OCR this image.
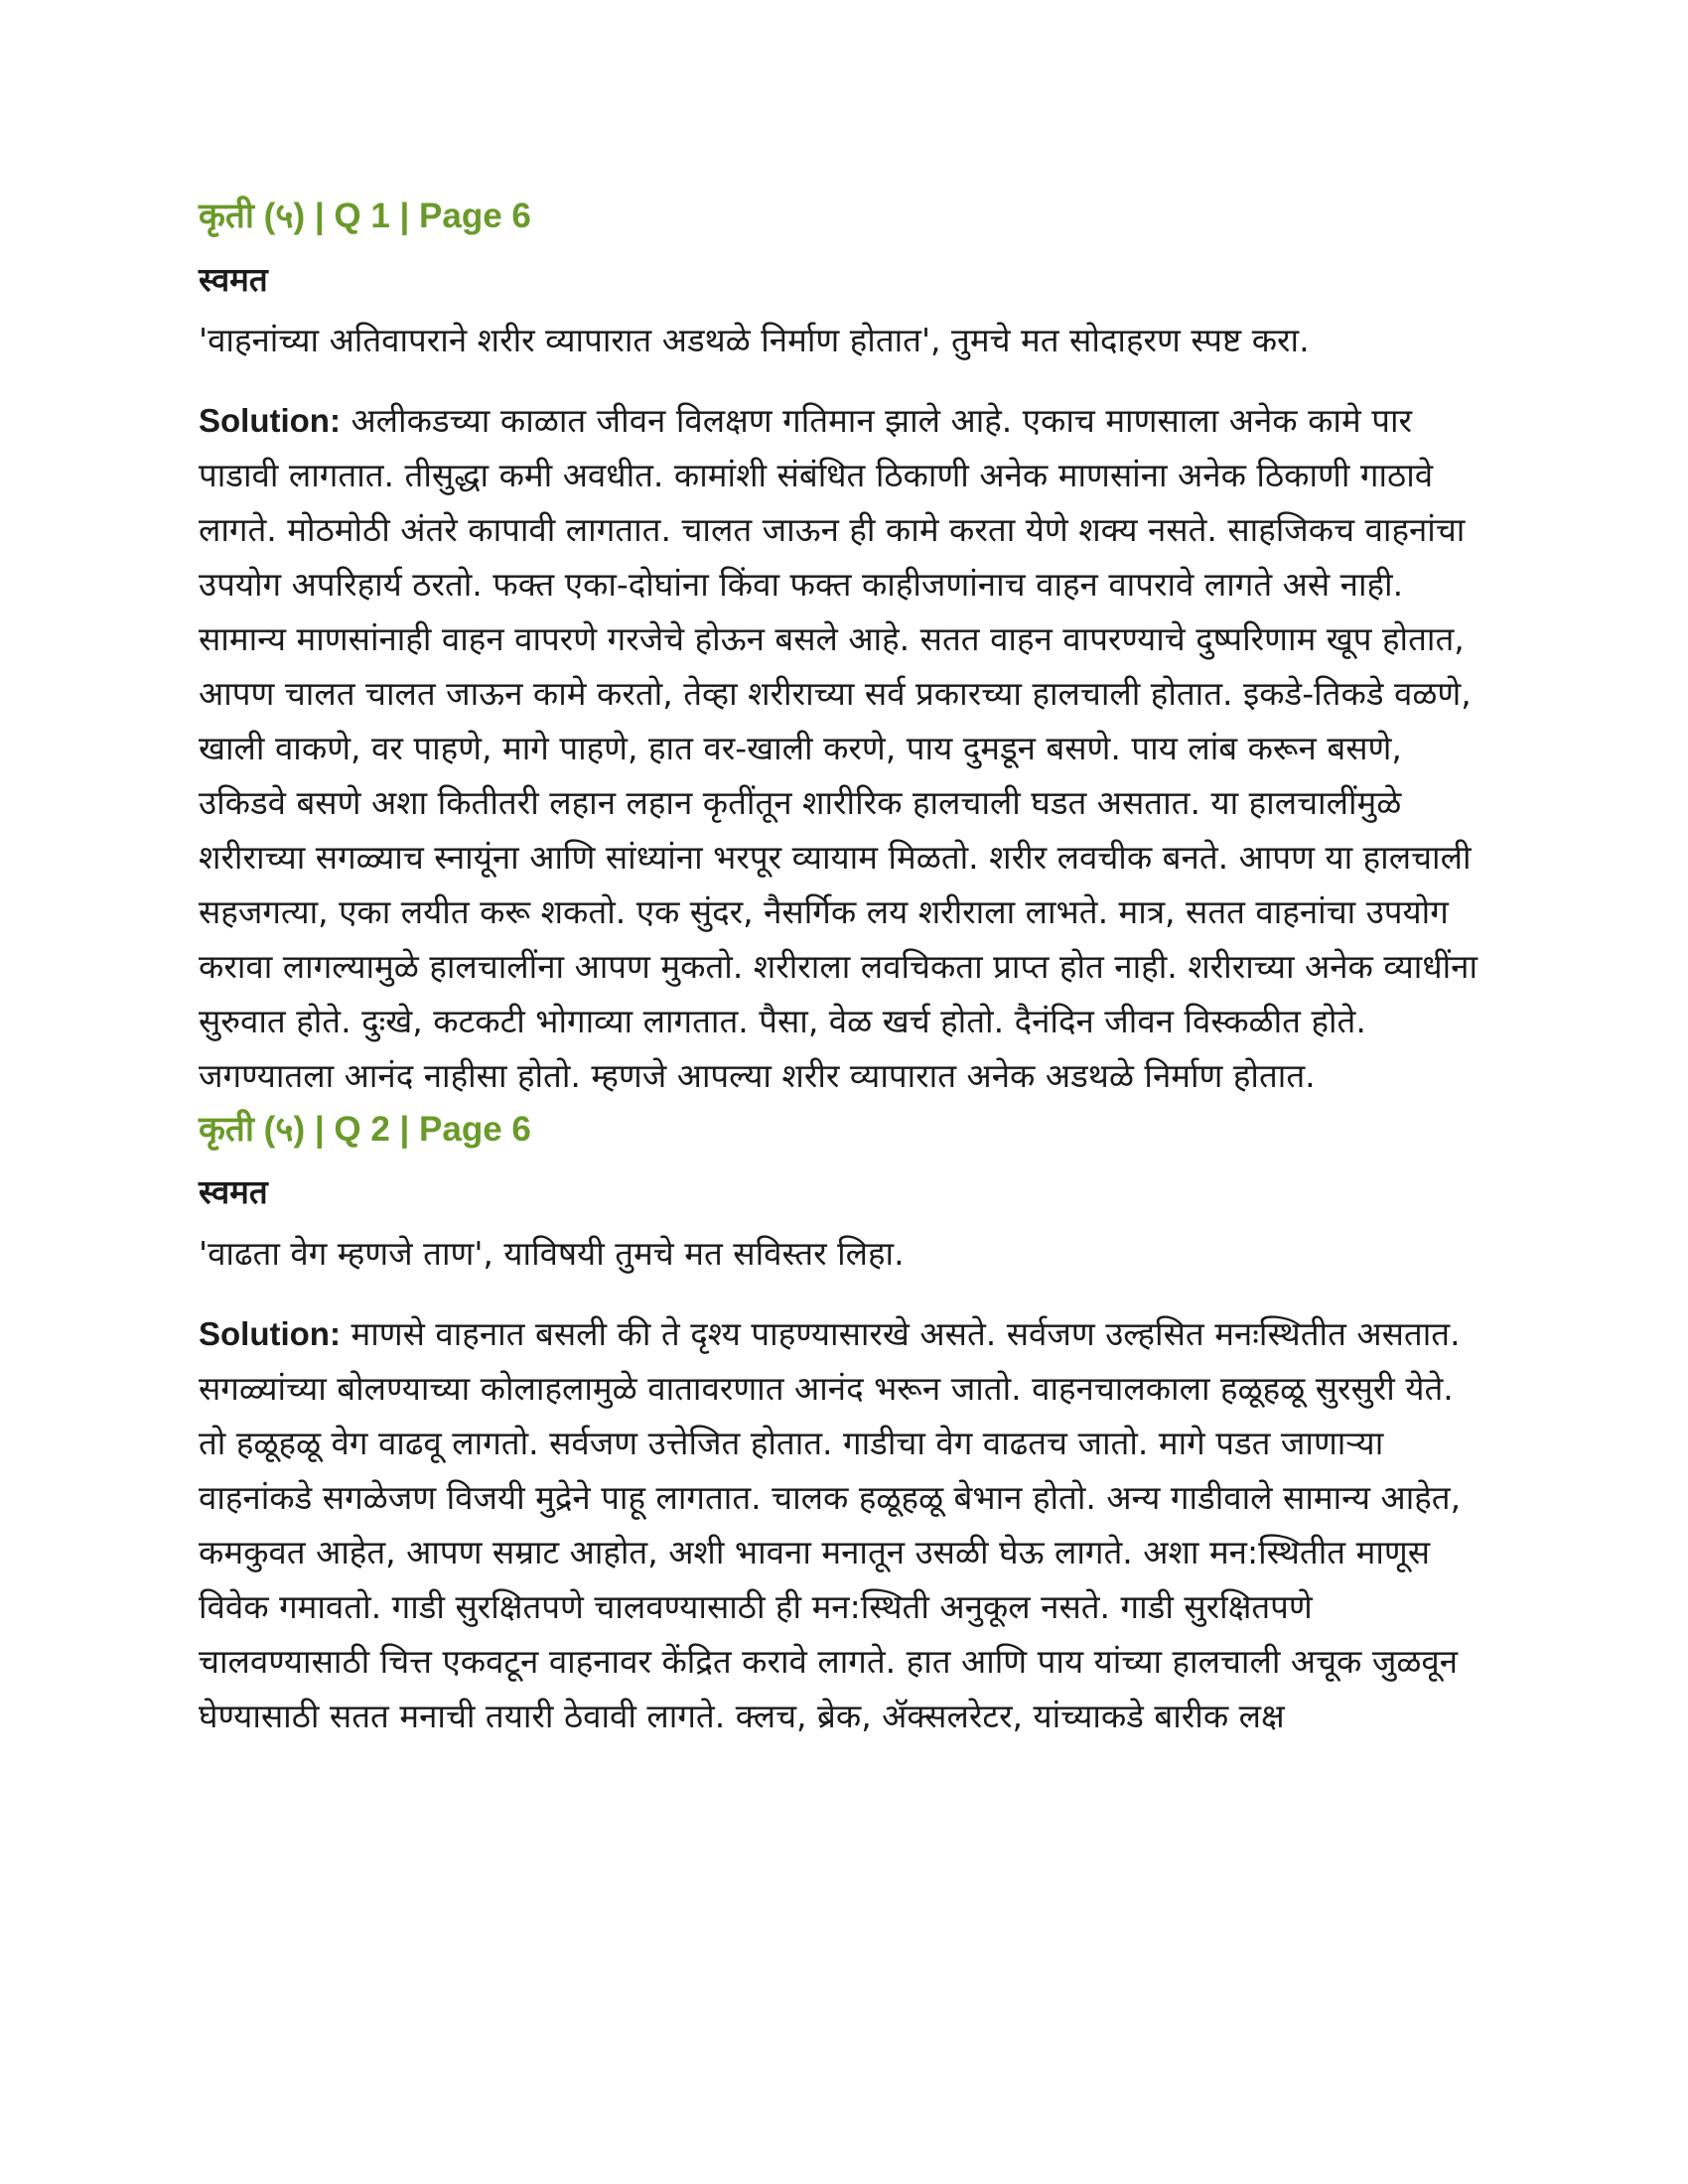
कृती (५) | Q 1 | Page 6
स्वमत

'वाहनांच्या अतिवापराने शरीर व्यापारात अडथळे निर्माण होतात', तुमचे मत सोदाहरण स्पष्ट करा.

Solution: अलीकडच्या काळात जीवन विलक्षण गतिमान झाले आहे. एकाच माणसाला अनेक कामे पार पाडावी लागतात. तीसुद्धा कमी अवधीत. कामांशी संबंधित ठिकाणी अनेक माणसांना अनेक ठिकाणी गाठावे लागते. मोठमोठी अंतरे कापावी लागतात. चालत जाऊन ही कामे करता येणे शक्य नसते. साहजिकच वाहनांचा उपयोग अपरिहार्य ठरतो. फक्त एका-दोघांना किंवा फक्त काहीजणांनाच वाहन वापरावे लागते असे नाही. सामान्य माणसांनाही वाहन वापरणे गरजेचे होऊन बसले आहे. सतत वाहन वापरण्याचे दुष्परिणाम खूप होतात, आपण चालत चालत जाऊन कामे करतो, तेव्हा शरीराच्या सर्व प्रकारच्या हालचाली होतात. इकडे-तिकडे वळणे, खाली वाकणे, वर पाहणे, मागे पाहणे, हात वर-खाली करणे, पाय दुमडून बसणे. पाय लांब करून बसणे, उकिडवे बसणे अशा कितीतरी लहान लहान कृतींतून शारीरिक हालचाली घडत असतात. या हालचालींमुळे शरीराच्या सगळ्याच स्नायूंना आणि सांध्यांना भरपूर व्यायाम मिळतो. शरीर लवचीक बनते. आपण या हालचाली सहजगत्या, एका लयीत करू शकतो. एक सुंदर, नैसर्गिक लय शरीराला लाभते. मात्र, सतत वाहनांचा उपयोग करावा लागल्यामुळे हालचालींना आपण मुकतो. शरीराला लवचिकता प्राप्त होत नाही. शरीराच्या अनेक व्याधींना सुरुवात होते. दुःखे, कटकटी भोगाव्या लागतात. पैसा, वेळ खर्च होतो. दैनंदिन जीवन विस्कळीत होते. जगण्यातला आनंद नाहीसा होतो. म्हणजे आपल्या शरीर व्यापारात अनेक अडथळे निर्माण होतात.

कृती (५) | Q 2 | Page 6
स्वमत

'वाढता वेग म्हणजे ताण', याविषयी तुमचे मत सविस्तर लिहा.

Solution: माणसे वाहनात बसली की ते दृश्य पाहण्यासारखे असते. सर्वजण उल्हसित मनःस्थितीत असतात. सगळ्यांच्या बोलण्याच्या कोलाहलामुळे वातावरणात आनंद भरून जातो. वाहनचालकाला हळूहळू सुरसुरी येते. तो हळूहळू वेग वाढवू लागतो. सर्वजण उत्तेजित होतात. गाडीचा वेग वाढतच जातो. मागे पडत जाणाऱ्या वाहनांकडे सगळेजण विजयी मुद्रेने पाहू लागतात. चालक हळूहळू बेभान होतो. अन्य गाडीवाले सामान्य आहेत, कमकुवत आहेत, आपण सम्राट आहोत, अशी भावना मनातून उसळी घेऊ लागते. अशा मन:स्थितीत माणूस विवेक गमावतो. गाडी सुरक्षितपणे चालवण्यासाठी ही मन:स्थिती अनुकूल नसते. गाडी सुरक्षितपणे चालवण्यासाठी चित्त एकवटून वाहनावर केंद्रित करावे लागते. हात आणि पाय यांच्या हालचाली अचूक जुळवून घेण्यासाठी सतत मनाची तयारी ठेवावी लागते. क्लच, ब्रेक, ॲक्सलरेटर, यांच्याकडे बारीक लक्ष
